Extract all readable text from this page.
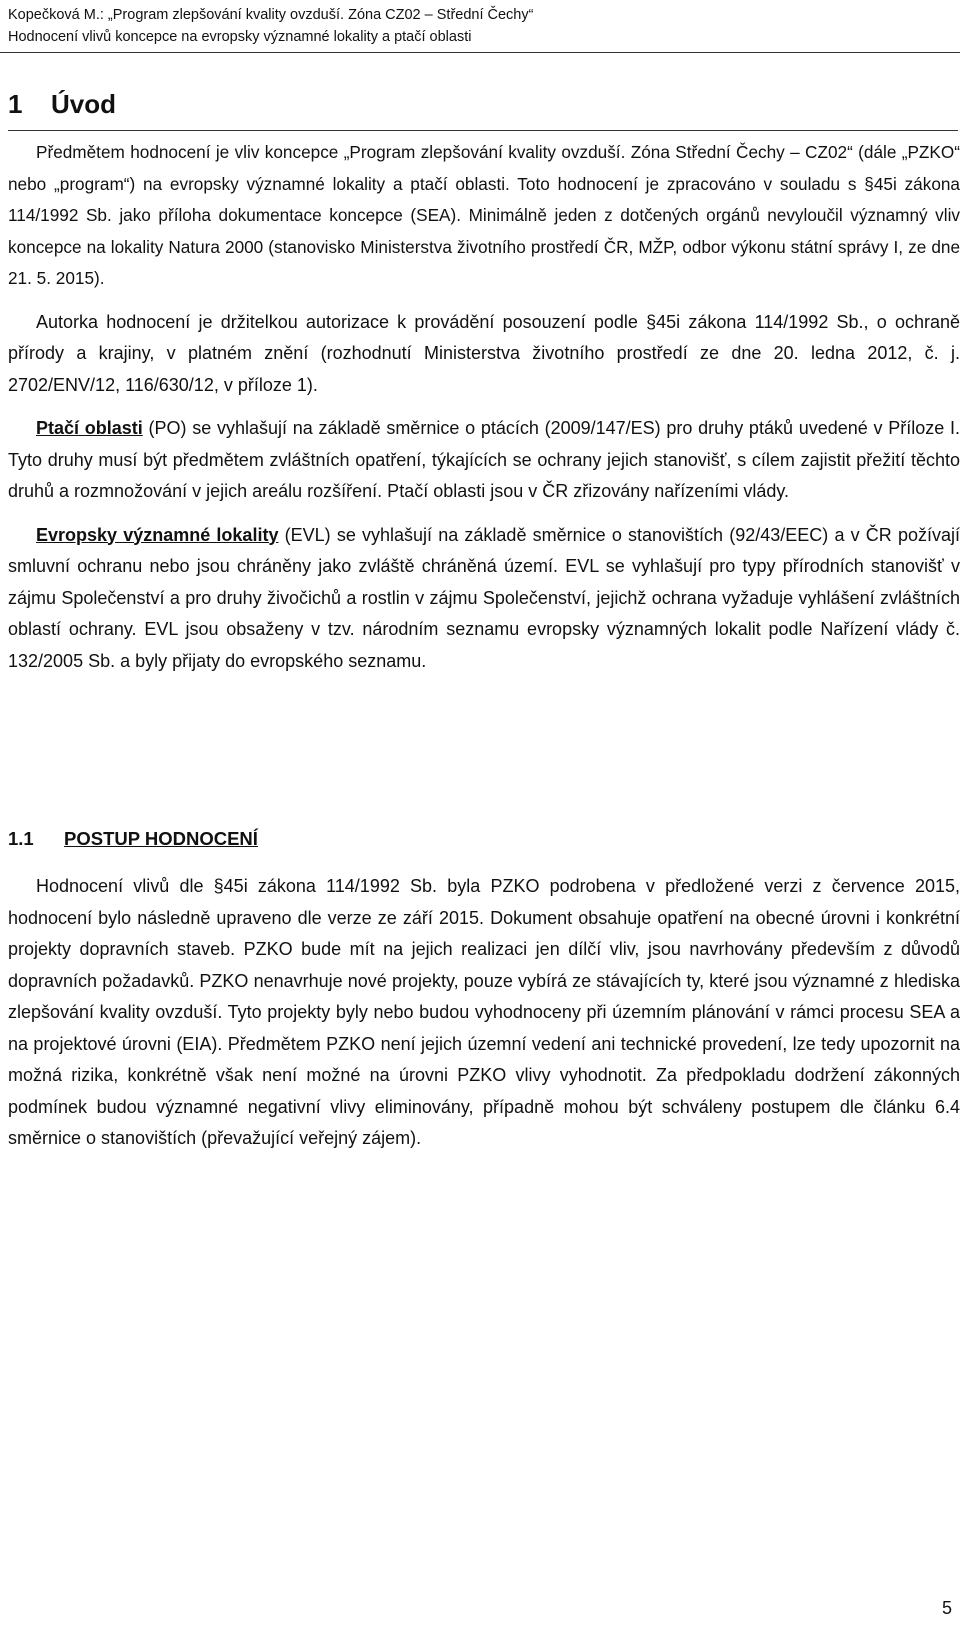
Kopečková M.: „Program zlepšování kvality ovzduší. Zóna CZ02 – Střední Čechy“
Hodnocení vlivů koncepce na evropsky významné lokality a ptačí oblasti
1 Úvod

Předmětem hodnocení je vliv koncepce „Program zlepšování kvality ovzduší. Zóna Střední Čechy – CZ02“ (dále „PZKO“ nebo „program“) na evropsky významné lokality a ptačí oblasti. Toto hodnocení je zpracováno v souladu s §45i zákona 114/1992 Sb. jako příloha dokumentace koncepce (SEA). Minimálně jeden z dotčených orgánů nevyloučil významný vliv koncepce na lokality Natura 2000 (stanovisko Ministerstva životního prostředí ČR, MŽP, odbor výkonu státní správy I, ze dne 21. 5. 2015).

Autorka hodnocení je držitelkou autorizace k provádění posouzení podle §45i zákona 114/1992 Sb., o ochraně přírody a krajiny, v platném znění (rozhodnutí Ministerstva životního prostředí ze dne 20. ledna 2012, č. j. 2702/ENV/12, 116/630/12, v příloze 1).

Ptačí oblasti (PO) se vyhlašují na základě směrnice o ptácích (2009/147/ES) pro druhy ptáků uvedené v Příloze I. Tyto druhy musí být předmětem zvláštních opatření, týkajících se ochrany jejich stanovišť, s cílem zajistit přežití těchto druhů a rozmnožování v jejich areálu rozšíření. Ptačí oblasti jsou v ČR zřizovány nařízeními vlády.

Evropsky významné lokality (EVL) se vyhlašují na základě směrnice o stanovištích (92/43/EEC) a v ČR požívají smluvní ochranu nebo jsou chráněny jako zvláště chráněná území. EVL se vyhlašují pro typy přírodních stanovišť v zájmu Společenství a pro druhy živočichů a rostlin v zájmu Společenství, jejichž ochrana vyžaduje vyhlášení zvláštních oblastí ochrany. EVL jsou obsaženy v tzv. národním seznamu evropsky významných lokalit podle Nařízení vlády č. 132/2005 Sb. a byly přijaty do evropského seznamu.

1.1 POSTUP HODNOCENÍ

Hodnocení vlivů dle §45i zákona 114/1992 Sb. byla PZKO podrobena v předložené verzi z července 2015, hodnocení bylo následně upraveno dle verze ze září 2015. Dokument obsahuje opatření na obecné úrovni i konkrétní projekty dopravních staveb. PZKO bude mít na jejich realizaci jen dílčí vliv, jsou navrhovány především z důvodů dopravních požadavků. PZKO nenavrhuje nové projekty, pouze vybírá ze stávajících ty, které jsou významné z hlediska zlepšování kvality ovzduší. Tyto projekty byly nebo budou vyhodnoceny při územním plánování v rámci procesu SEA a na projektové úrovni (EIA). Předmětem PZKO není jejich územní vedení ani technické provedení, lze tedy upozornit na možná rizika, konkrétně však není možné na úrovni PZKO vlivy vyhodnotit. Za předpokladu dodržení zákonných podmínek budou významné negativní vlivy eliminovány, případně mohou být schváleny postupem dle článku 6.4 směrnice o stanovištích (převažující veřejný zájem).

5
